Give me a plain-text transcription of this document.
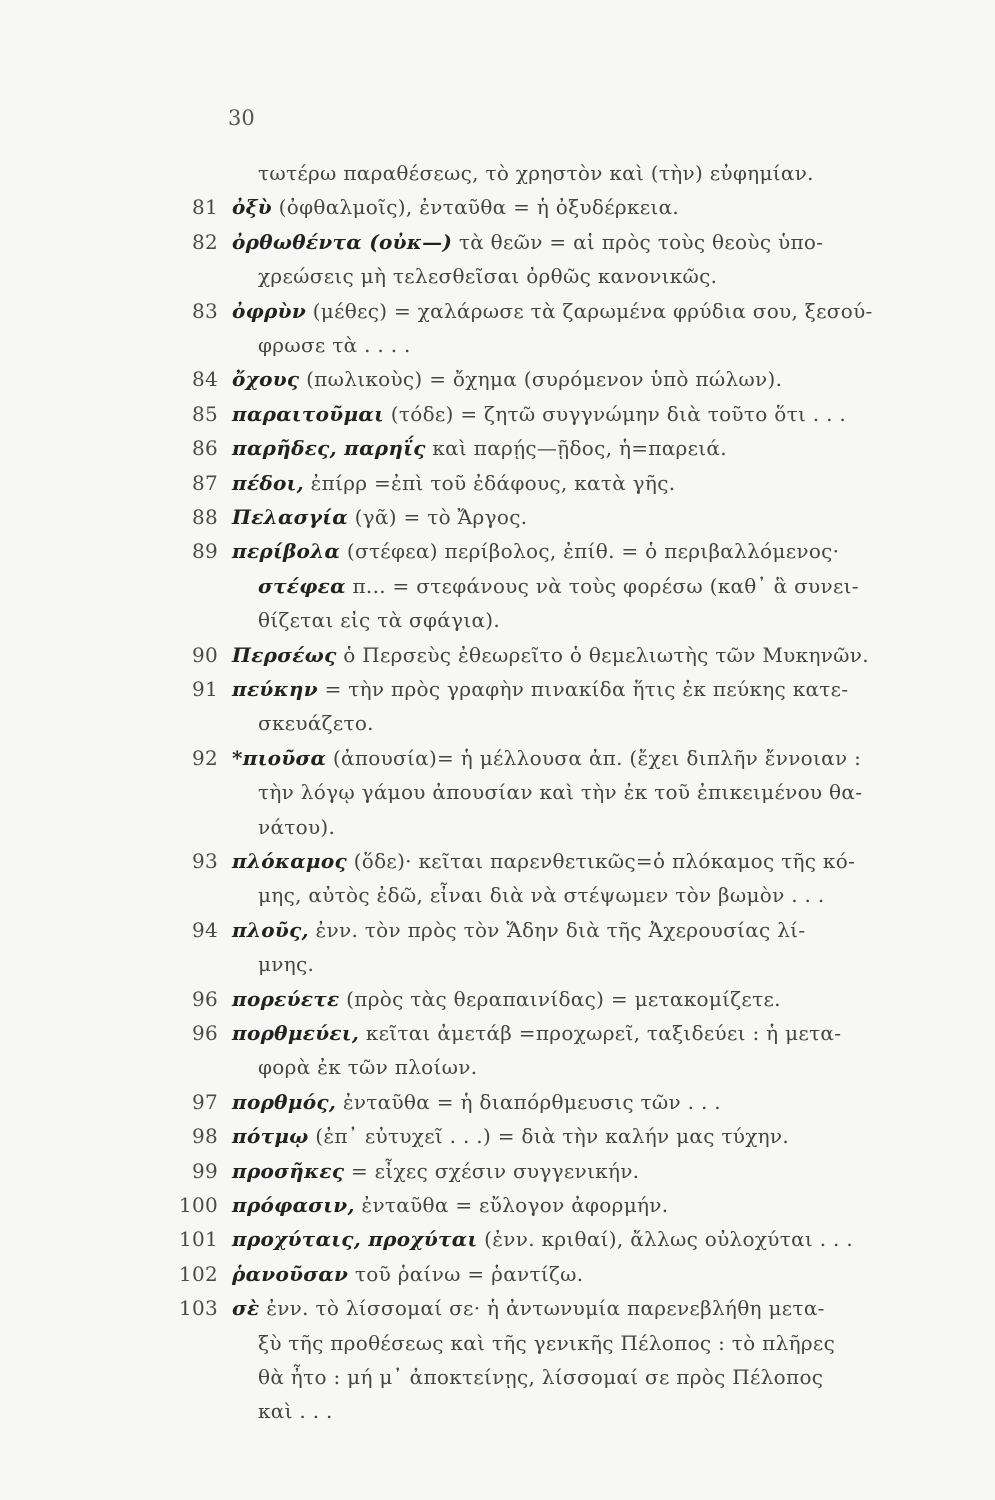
30
τωτέρω παραθέσεως, τὸ χρηστὸν καὶ (τὴν) εὐφημίαν.
81 ὀξὺ (ὀφθαλμοῖς), ἐνταῦθα = ἡ ὀξυδέρκεια.
82 ὀρθωθέντα (οὐκ—) τὰ θεῶν = αἱ πρὸς τοὺς θεοὺς ὑπο-
χρεώσεις μὴ τελεσθεῖσαι ὀρθῶς κανονικῶς.
83 ὀφρὺν (μέθες) = χαλάρωσε τὰ ζαρωμένα φρύδια σου, ξεσού-
φρωσε τὰ . . . .
84 ὄχους (πωλικοὺς) = ὄχημα (συρόμενον ὑπὸ πώλων).
85 παραιτοῦμαι (τόδε) = ζητῶ συγγνώμην διὰ τοῦτο ὅτι . . .
86 παρῆδες, παρηΐς καὶ παρῄς—ῇδος, ἡ=παρειά.
87 πέδοι, ἐπίρρ =ἐπὶ τοῦ ἐδάφους, κατὰ γῆς.
88 Πελασγία (γᾶ) = τὸ Ἄργος.
89 περίβολα (στέφεα) περίβολος, ἐπίθ. = ὁ περιβαλλόμενος·
στέφεα π... = στεφάνους νὰ τοὺς φορέσω (καθ᾽ ἃ συνει-
θίζεται εἰς τὰ σφάγια).
90 Περσέως ὁ Περσεὺς ἐθεωρεῖτο ὁ θεμελιωτὴς τῶν Μυκηνῶν.
91 πεύκην = τὴν πρὸς γραφὴν πινακίδα ἥτις ἐκ πεύκης κατε-
σκευάζετο.
92 *πιοῦσα (ἀπουσία)= ἡ μέλλουσα ἀπ. (ἔχει διπλῆν ἔννοιαν :
τὴν λόγῳ γάμου ἀπουσίαν καὶ τὴν ἐκ τοῦ ἐπικειμένου θα-
νάτου).
93 πλόκαμος (ὅδε)· κεῖται παρενθετικῶς=ὁ πλόκαμος τῆς κό-
μης, αὐτὸς ἐδῶ, εἶναι διὰ νὰ στέψωμεν τὸν βωμὸν . . .
94 πλοῦς, ἐνν. τὸν πρὸς τὸν Ἅδην διὰ τῆς Ἀχερουσίας λί-
μνης.
96 πορεύετε (πρὸς τὰς θεραπαινίδας) = μετακομίζετε.
96 πορθμεύει, κεῖται ἀμετάβ =προχωρεῖ, ταξιδεύει : ἡ μετα-
φορὰ ἐκ τῶν πλοίων.
97 πορθμός, ἐνταῦθα = ἡ διαπόρθμευσις τῶν . . .
98 πότμῳ (ἐπ᾽ εὐτυχεῖ . . .) = διὰ τὴν καλήν μας τύχην.
99 προσῆκες = εἶχες σχέσιν συγγενικήν.
100 πρόφασιν, ἐνταῦθα = εὔλογον ἀφορμήν.
101 προχύταις, προχύται (ἐνν. κριθαί), ἄλλως οὐλοχύται . . .
102 ῥανοῦσαν τοῦ ῥαίνω = ῥαντίζω.
103 σὲ ἐνν. τὸ λίσσομαί σε· ἡ ἀντωνυμία παρενεβλήθη μετα-
ξὺ τῆς προθέσεως καὶ τῆς γενικῆς Πέλοπος : τὸ πλῆρες
θὰ ἦτο : μή μ᾽ ἀποκτείνῃς, λίσσομαί σε πρὸς Πέλοπος
καὶ . . .
